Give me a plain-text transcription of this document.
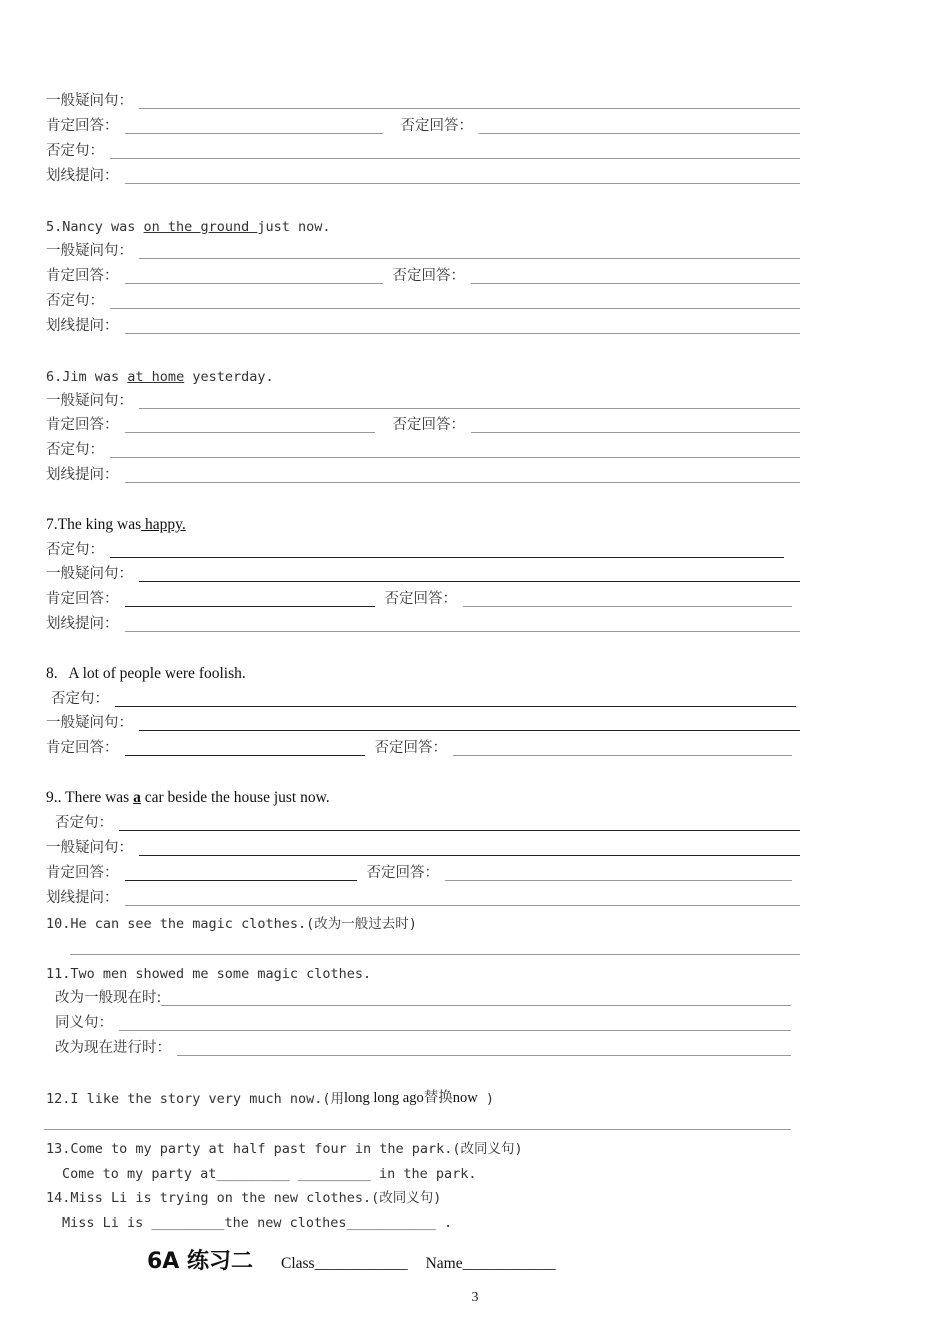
一般疑问句：
肯定回答：	否定回答：
否定句：
划线提问：
5. Nancy was on the ground just now.
一般疑问句：
肯定回答：	否定回答：
否定句：
划线提问：
6. Jim was at home yesterday.
一般疑问句：
肯定回答：	否定回答：
否定句：
划线提问：
7.The king was happy.
否定句：
一般疑问句：
肯定回答：	否定回答：
划线提问：
8.   A lot of people were foolish.
否定句：
一般疑问句：
肯定回答：	否定回答：
9.. There was a car beside the house just now.
否定句：
一般疑问句：
肯定回答：	否定回答：
划线提问：
10.He can see the magic clothes.(改为一般过去时)
11.Two men showed me some magic clothes.
改为一般现在时:
同义句：
改为现在进行时：
12.I like the story very much now.(用 long long ago 替换 now )
13.Come to my party at half past four in the park.(改同义句)
Come to my party at_________ _________ in the park.
14.Miss Li is trying on the new clothes.(改同义句)
Miss Li is _________the new clothes___________ .
6A 练习二 Class____________ Name____________
3
